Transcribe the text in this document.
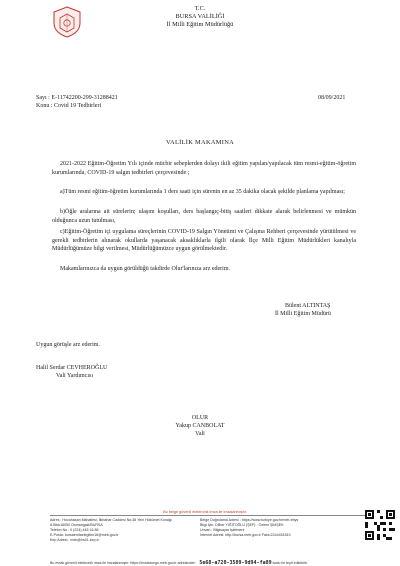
T.C.
BURSA VALİLİĞİ
İl Milli Eğitim Müdürlüğü
Sayı : E-11742200-299-31288421
Konu : Covid 19 Tedbirleri
08/09/2021
VALİLİK MAKAMINA
2021-2022 Eğitim-Öğretim Yılı içinde mücbir sebeplerden dolayı ikili eğitim yapılan/yapılacak tüm resmi-eğitim-öğretim kurumlarında, COVID-19 salgın tedbirleri çerçevesinde ;
a)Tüm resmi eğitim-öğretim kurumlarında 1 ders saati için sürenin en az 35 dakika olacak şekilde planlama yapılması;
b)Öğle aralarına ait sürelerin; ulaşım koşulları, ders başlangıç-bitiş saatleri dikkate alarak belirlenmesi ve mümkün olduğunca uzun tutulması,
c)Eğitim-Öğretim içi uygulama süreçlerinin COVID-19 Salgın Yönetimi ve Çalışma Rehberi çerçevesinde yürütülmesi ve gerekli tedbirlerin alınarak okullarda yaşanacak aksaklıklarla ilgili olarak İlçe Milli Eğitim Müdürlükleri kanalıyla Müdürlüğümüze bilgi verilmesi, Müdürlüğümüzce uygun görülmektedir.
Makamlarınızca da uygun görüldüğü takdirde Olur'larınıza arz ederim.
Bülent ALTINTAŞ
İl Milli Eğitim Müdürü
Uygun görüşle arz ederim.
Halil Serdar CEVHEROĞLU
Vali Yardımcısı
OLUR
Yakup CANBOLAT
Vali
Bu belge güvenli elektronik imza ile imzalanmıştır.
Adres : Hocahasan Mahallesi, İlkbahar Caddesi No:38 Yeni Hükümet Konağı
A Blok16050 Osmangazi/BURSA
Telefon No : 0 (224) 445 16 86
E-Posta: bursaemtaelegitim16@meb.gov.tr
Kep Adresi : meb@hs01.kep.tr
Belge Doğrulama Adresi : https://www.turkiye.gov.tr/meb-ebys
Bilgi için: Dilber YİĞİTOĞLU (ŞEF) - Özlem ŞİMŞEK
Unvan : Bilgisayar İşletmeni
İnternet Adresi: http://bursa.meb.gov.tr Faks:2244451810
Bu evrak güvenli elektronik imza ile imzalanmıştır. https://evraksorgu.meb.gov.tr adresinden 5e68-a720-3509-9d94-fa89 kodu ile teyit edilebilir.
